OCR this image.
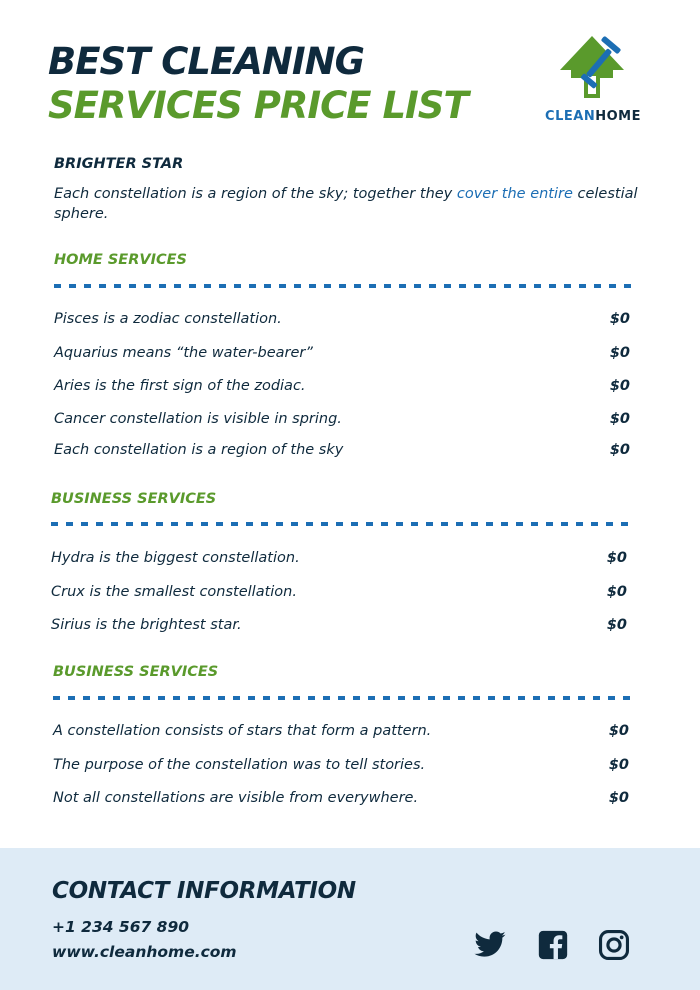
BEST CLEANING
SERVICES PRICE LIST	CLEANHOME
BRIGHTER STAR
Each constellation is a region of the sky; together they cover the entire celestial sphere.
HOME SERVICES
Pisces is a zodiac constellation.	$0
Aquarius means “the water-bearer”	$0
Aries is the first sign of the zodiac.	$0
Cancer constellation is visible in spring.	$0
Each constellation is a region of the sky	$0
BUSINESS SERVICES
Hydra is the biggest constellation.	$0
Crux is the smallest constellation.	$0
Sirius is the brightest star.	$0
BUSINESS SERVICES
A constellation consists of stars that form a pattern.	$0
The purpose of the constellation was to tell stories.	$0
Not all constellations are visible from everywhere.	$0
CONTACT INFORMATION
+1 234 567 890
www.cleanhome.com
